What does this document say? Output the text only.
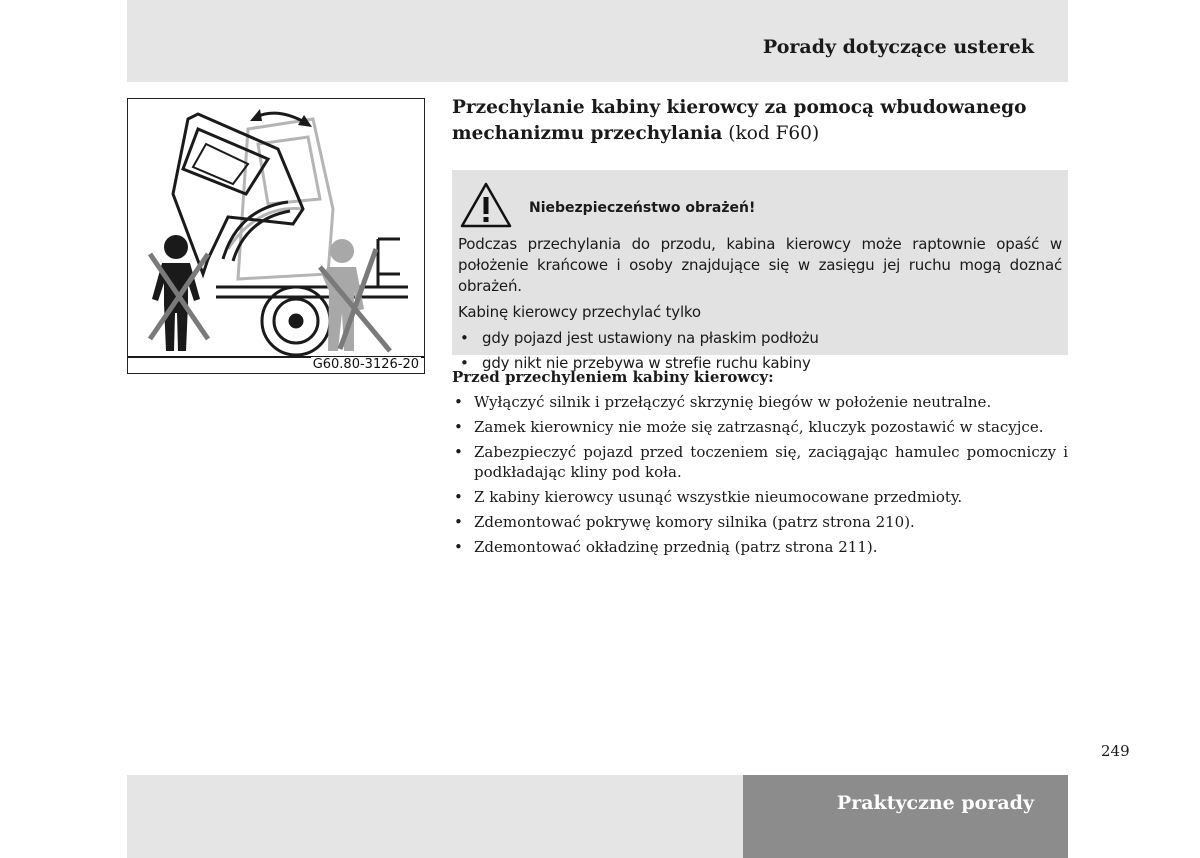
Porady dotyczące usterek
G60.80-3126-20
Przechylanie kabiny kierowcy za pomocą wbudowanego mechanizmu przechylania (kod F60)
Niebezpieczeństwo obrażeń!

Podczas przechylania do przodu, kabina kierowcy może raptownie opaść w położenie krańcowe i osoby znajdujące się w zasięgu jej ruchu mogą doznać obrażeń.

Kabinę kierowcy przechylać tylko

• gdy pojazd jest ustawiony na płaskim podłożu
• gdy nikt nie przebywa w strefie ruchu kabiny

Przed przechyleniem kabiny kierowcy:

• Wyłączyć silnik i przełączyć skrzynię biegów w położenie neutralne.
• Zamek kierownicy nie może się zatrzasnąć, kluczyk pozostawić w stacyjce.
• Zabezpieczyć pojazd przed toczeniem się, zaciągając hamulec pomocniczy i podkładając kliny pod koła.
• Z kabiny kierowcy usunąć wszystkie nieumocowane przedmioty.
• Zdemontować pokrywę komory silnika (patrz strona 210).
• Zdemontować okładzinę przednią (patrz strona 211).
249
Praktyczne porady
